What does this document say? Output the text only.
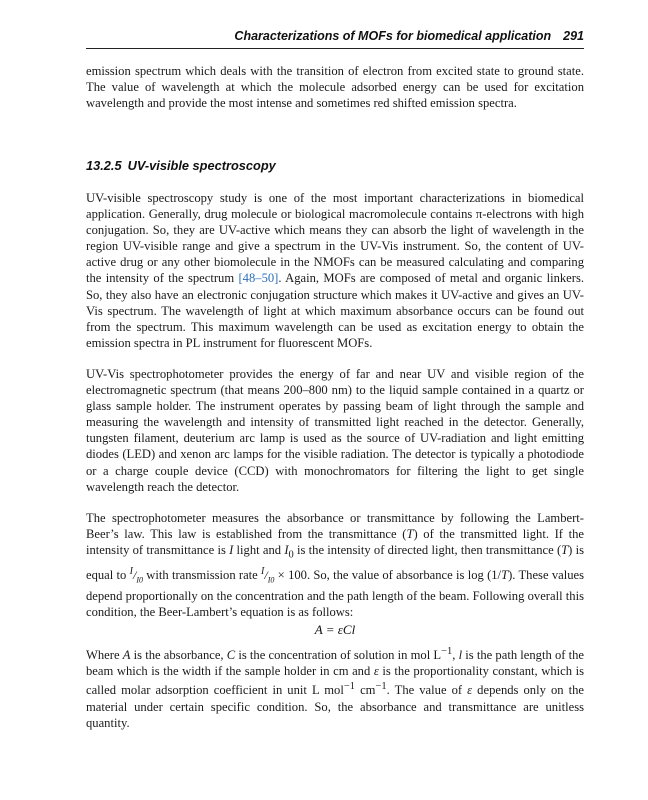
Characterizations of MOFs for biomedical application 291

emission spectrum which deals with the transition of electron from excited state to ground state. The value of wavelength at which the molecule adsorbed energy can be used for excitation wavelength and provide the most intense and sometimes red shifted emission spectra.

13.2.5 UV-visible spectroscopy

UV-visible spectroscopy study is one of the most important characterizations in biomedical application. Generally, drug molecule or biological macromolecule contains π-electrons with high conjugation. So, they are UV-active which means they can absorb the light of wavelength in the region UV-visible range and give a spectrum in the UV-Vis instrument. So, the content of UV-active drug or any other biomolecule in the NMOFs can be measured calculating and comparing the intensity of the spectrum [48–50]. Again, MOFs are composed of metal and organic linkers. So, they also have an electronic conjugation structure which makes it UV-active and gives an UV-Vis spectrum. The wavelength of light at which maximum absorbance occurs can be found out from the spectrum. This maximum wavelength can be used as excitation energy to obtain the emission spectra in PL instrument for fluorescent MOFs.

UV-Vis spectrophotometer provides the energy of far and near UV and visible region of the electromagnetic spectrum (that means 200–800 nm) to the liquid sample contained in a quartz or glass sample holder. The instrument operates by passing beam of light through the sample and measuring the wavelength and intensity of transmitted light reached in the detector. Generally, tungsten filament, deuterium arc lamp is used as the source of UV-radiation and light emitting diodes (LED) and xenon arc lamps for the visible radiation. The detector is typically a photodiode or a charge couple device (CCD) with monochromators for filtering the light to get single wavelength reach the detector.

The spectrophotometer measures the absorbance or transmittance by following the Lambert-Beer’s law. This law is established from the transmittance (T) of the transmitted light. If the intensity of transmittance is I light and $I_0$ is the intensity of directed light, then transmittance (T) is equal to $^I/_{I0}$ with transmission rate $^I/_{I0} \times 100$. So, the value of absorbance is log (1/T). These values depend proportionally on the concentration and the path length of the beam. Following overall this condition, the Beer-Lambert’s equation is as follows:

A = εCl

Where A is the absorbance, C is the concentration of solution in mol $L^{-1}$, l is the path length of the beam which is the width if the sample holder in cm and ε is the proportionality constant, which is called molar adsorption coefficient in unit L mol$^{-1}$ $cm^{-1}$. The value of ε depends only on the material under certain specific condition. So, the absorbance and transmittance are unitless quantity.
